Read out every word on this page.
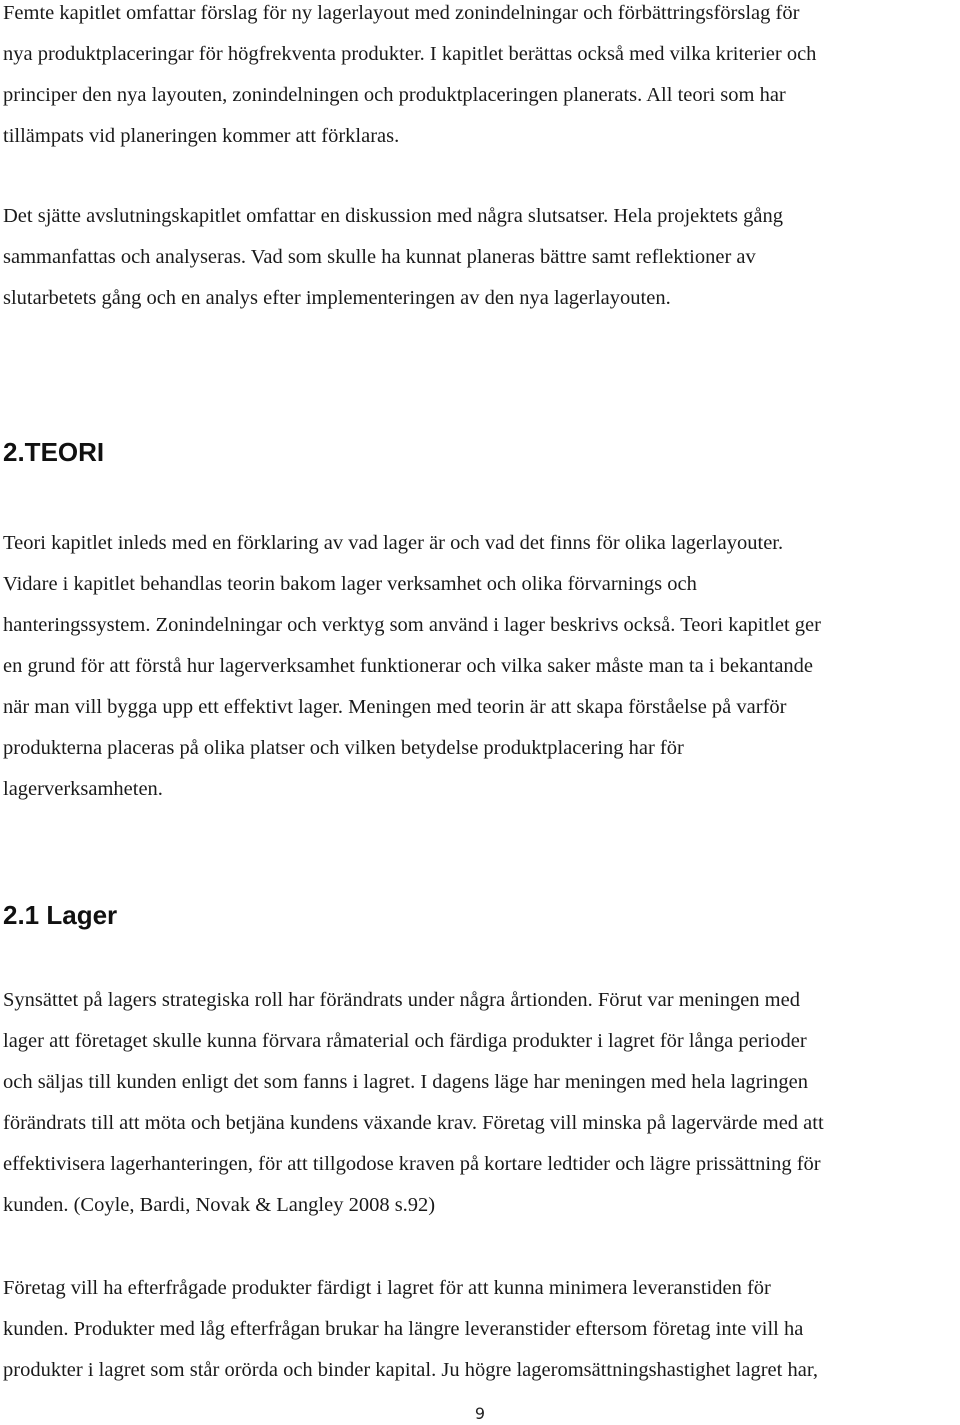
Femte kapitlet omfattar förslag för ny lagerlayout med zonindelningar och förbättringsförslag för
nya produktplaceringar för högfrekventa produkter. I kapitlet berättas också med vilka kriterier och
principer den nya layouten, zonindelningen och produktplaceringen planerats. All teori som har
tillämpats vid planeringen kommer att förklaras.
Det sjätte avslutningskapitlet omfattar en diskussion med några slutsatser. Hela projektets gång
sammanfattas och analyseras. Vad som skulle ha kunnat planeras bättre samt reflektioner av
slutarbetets gång och en analys efter implementeringen av den nya lagerlayouten.
2.TEORI
Teori kapitlet inleds med en förklaring av vad lager är och vad det finns för olika lagerlayouter.
Vidare i kapitlet behandlas teorin bakom lager verksamhet och olika förvarnings och
hanteringssystem. Zonindelningar och verktyg som använd i lager beskrivs också. Teori kapitlet ger
en grund för att förstå hur lagerverksamhet funktionerar och vilka saker måste man ta i bekantande
när man vill bygga upp ett effektivt lager. Meningen med teorin är att skapa förståelse på varför
produkterna placeras på olika platser och vilken betydelse produktplacering har för
lagerverksamheten.
2.1 Lager
Synsättet på lagers strategiska roll har förändrats under några årtionden. Förut var meningen med
lager att företaget skulle kunna förvara råmaterial och färdiga produkter i lagret för långa perioder
och säljas till kunden enligt det som fanns i lagret. I dagens läge har meningen med hela lagringen
förändrats till att möta och betjäna kundens växande krav. Företag vill minska på lagervärde med att
effektivisera lagerhanteringen, för att tillgodose kraven på kortare ledtider och lägre prissättning för
kunden. (Coyle, Bardi, Novak & Langley 2008 s.92)
Företag vill ha efterfrågade produkter färdigt i lagret för att kunna minimera leveranstiden för
kunden. Produkter med låg efterfrågan brukar ha längre leveranstider eftersom företag inte vill ha
produkter i lagret som står orörda och binder kapital. Ju högre lageromsättningshastighet lagret har,
9
